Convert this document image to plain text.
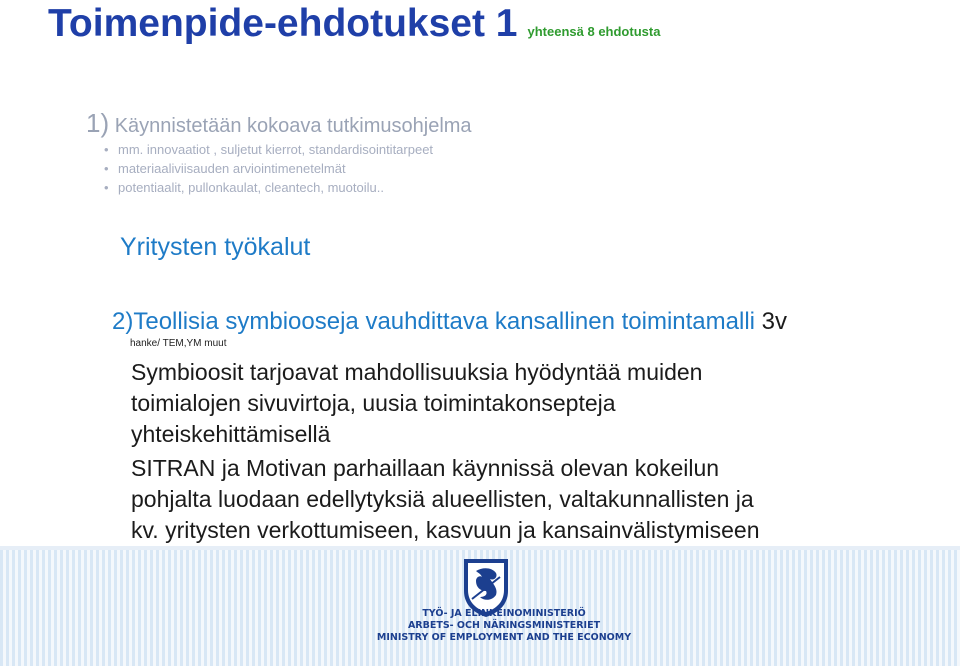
Toimenpide-ehdotukset 1 yhteensä 8 ehdotusta
1) Käynnistetään kokoava tutkimusohjelma
• mm. innovaatiot , suljetut kierrot, standardisointitarpeet
• materiaaliviisauden arviointimenetelmät
• potentiaalit, pullonkaulat, cleantech, muotoilu..
Yritysten työkalut
2)Teollisia symbiooseja vauhdittava kansallinen toimintamalli 3v
hanke/ TEM,YM muut
Symbioosit tarjoavat mahdollisuuksia hyödyntää muiden
toimialojen sivuvirtoja, uusia toimintakonsepteja
yhteiskehittämisellä
SITRAN ja Motivan parhaillaan käynnissä olevan kokeilun
pohjalta luodaan edellytyksiä alueellisten, valtakunnallisten ja
kv. yritysten verkottumiseen, kasvuun ja kansainvälistymiseen
TYÖ- JA ELINKEINOMINISTERIÖ
ARBETS- OCH NÄRINGSMINISTERIET
MINISTRY OF EMPLOYMENT AND THE ECONOMY
